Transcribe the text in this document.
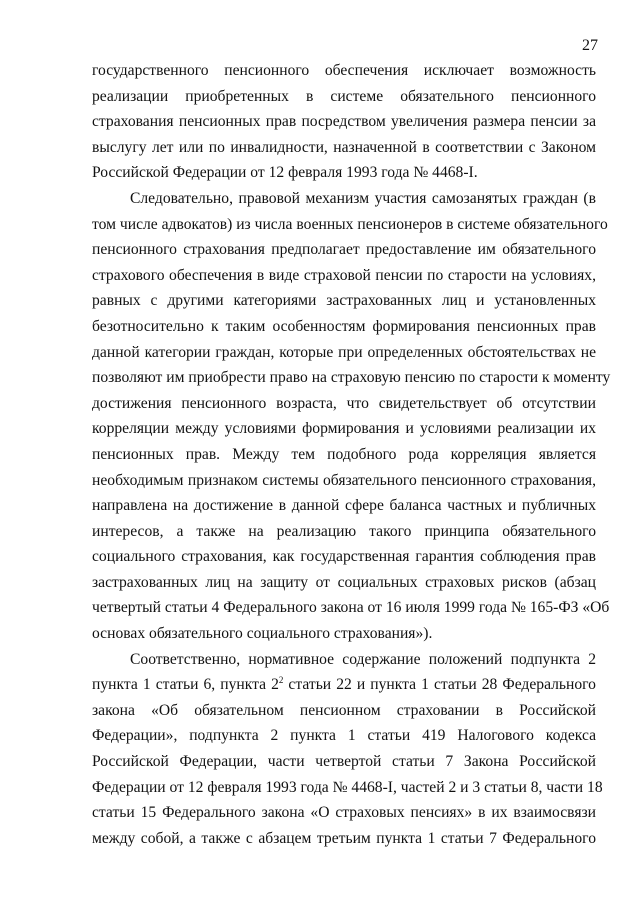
27
государственного пенсионного обеспечения исключает возможность
реализации приобретенных в системе обязательного пенсионного
страхования пенсионных прав посредством увеличения размера пенсии за
выслугу лет или по инвалидности, назначенной в соответствии с Законом
Российской Федерации от 12 февраля 1993 года № 4468-I.
Следовательно, правовой механизм участия самозанятых граждан (в
том числе адвокатов) из числа военных пенсионеров в системе обязательного
пенсионного страхования предполагает предоставление им обязательного
страхового обеспечения в виде страховой пенсии по старости на условиях,
равных с другими категориями застрахованных лиц и установленных
безотносительно к таким особенностям формирования пенсионных прав
данной категории граждан, которые при определенных обстоятельствах не
позволяют им приобрести право на страховую пенсию по старости к моменту
достижения пенсионного возраста, что свидетельствует об отсутствии
корреляции между условиями формирования и условиями реализации их
пенсионных прав. Между тем подобного рода корреляция является
необходимым признаком системы обязательного пенсионного страхования,
направлена на достижение в данной сфере баланса частных и публичных
интересов, а также на реализацию такого принципа обязательного
социального страхования, как государственная гарантия соблюдения прав
застрахованных лиц на защиту от социальных страховых рисков (абзац
четвертый статьи 4 Федерального закона от 16 июля 1999 года № 165-ФЗ «Об
основах обязательного социального страхования»).
Соответственно, нормативное содержание положений подпункта 2
пункта 1 статьи 6, пункта $2^2$ статьи 22 и пункта 1 статьи 28 Федерального
закона «Об обязательном пенсионном страховании в Российской
Федерации», подпункта 2 пункта 1 статьи 419 Налогового кодекса
Российской Федерации, части четвертой статьи 7 Закона Российской
Федерации от 12 февраля 1993 года № 4468-I, частей 2 и 3 статьи 8, части 18
статьи 15 Федерального закона «О страховых пенсиях» в их взаимосвязи
между собой, а также с абзацем третьим пункта 1 статьи 7 Федерального
